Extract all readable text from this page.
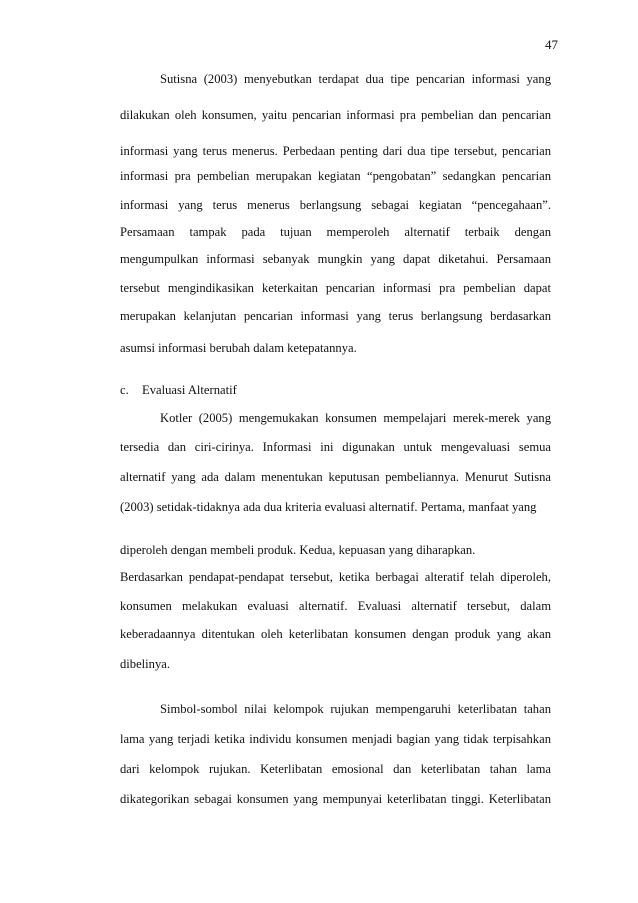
47
Sutisna (2003) menyebutkan terdapat dua tipe pencarian informasi yang
dilakukan oleh konsumen, yaitu pencarian informasi pra pembelian dan pencarian
informasi yang terus menerus. Perbedaan penting dari dua tipe tersebut, pencarian
informasi pra pembelian merupakan kegiatan “pengobatan” sedangkan pencarian
informasi yang terus menerus berlangsung sebagai kegiatan “pencegahaan”.
Persamaan tampak pada tujuan memperoleh alternatif terbaik dengan
mengumpulkan informasi sebanyak mungkin yang dapat diketahui. Persamaan
tersebut mengindikasikan keterkaitan pencarian informasi pra pembelian dapat
merupakan kelanjutan pencarian informasi yang terus berlangsung berdasarkan
asumsi informasi berubah dalam ketepatannya.
c. Evaluasi Alternatif
Kotler (2005) mengemukakan konsumen mempelajari merek-merek yang
tersedia dan ciri-cirinya. Informasi ini digunakan untuk mengevaluasi semua
alternatif yang ada dalam menentukan keputusan pembeliannya. Menurut Sutisna
(2003) setidak-tidaknya ada dua kriteria evaluasi alternatif. Pertama, manfaat yang
diperoleh dengan membeli produk. Kedua, kepuasan yang diharapkan.
Berdasarkan pendapat-pendapat tersebut, ketika berbagai alteratif telah diperoleh,
konsumen melakukan evaluasi alternatif. Evaluasi alternatif tersebut, dalam
keberadaannya ditentukan oleh keterlibatan konsumen dengan produk yang akan
dibelinya.
Simbol-sombol nilai kelompok rujukan mempengaruhi keterlibatan tahan
lama yang terjadi ketika individu konsumen menjadi bagian yang tidak terpisahkan
dari kelompok rujukan. Keterlibatan emosional dan keterlibatan tahan lama
dikategorikan sebagai konsumen yang mempunyai keterlibatan tinggi. Keterlibatan
